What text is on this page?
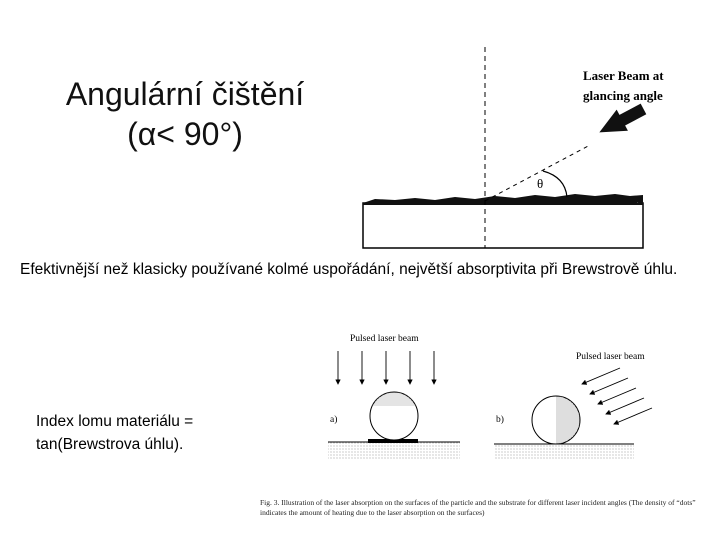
Angulární čištění
(α< 90°)
θ
.
Laser Beam at
glancing angle
Efektivnější než klasicky používané kolmé uspořádání, největší absorptivita při Brewstrově úhlu.
Pulsed laser beam
a)
Pulsed laser beam
b)
Fig. 3. Illustration of the laser absorption on the surfaces of the particle and the substrate for different laser incident angles (The density of “dots” indicates the amount of heating due to the laser absorption on the surfaces)
Index lomu materiálu =
tan(Brewstrova úhlu).
